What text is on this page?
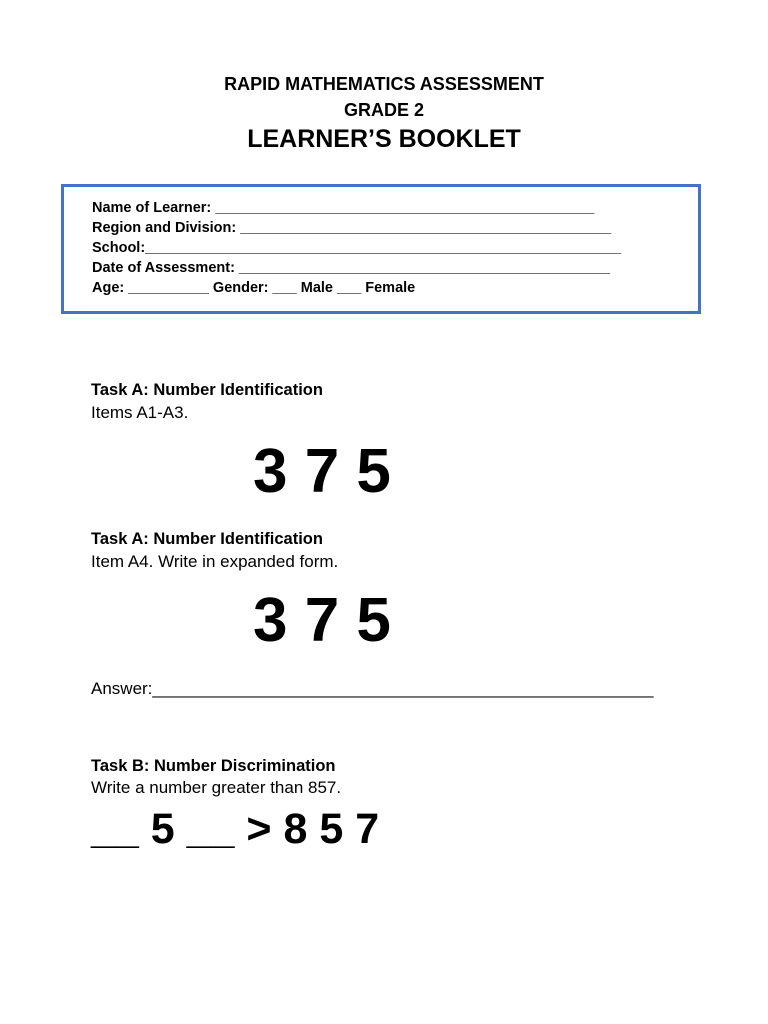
RAPID MATHEMATICS ASSESSMENT
GRADE 2
LEARNER’S BOOKLET
Name of Learner: _______________________________________________
Region and Division: ______________________________________________
School:___________________________________________________________
Date of Assessment: ______________________________________________
Age: __________ Gender: ___ Male ___ Female
Task A: Number Identification
Items A1-A3.
3 7 5
Task A: Number Identification
Item A4. Write in expanded form.
3 7 5
Answer:_____________________________________________________
Task B: Number Discrimination
Write a number greater than 857.
__ 5 __ > 8 5 7
